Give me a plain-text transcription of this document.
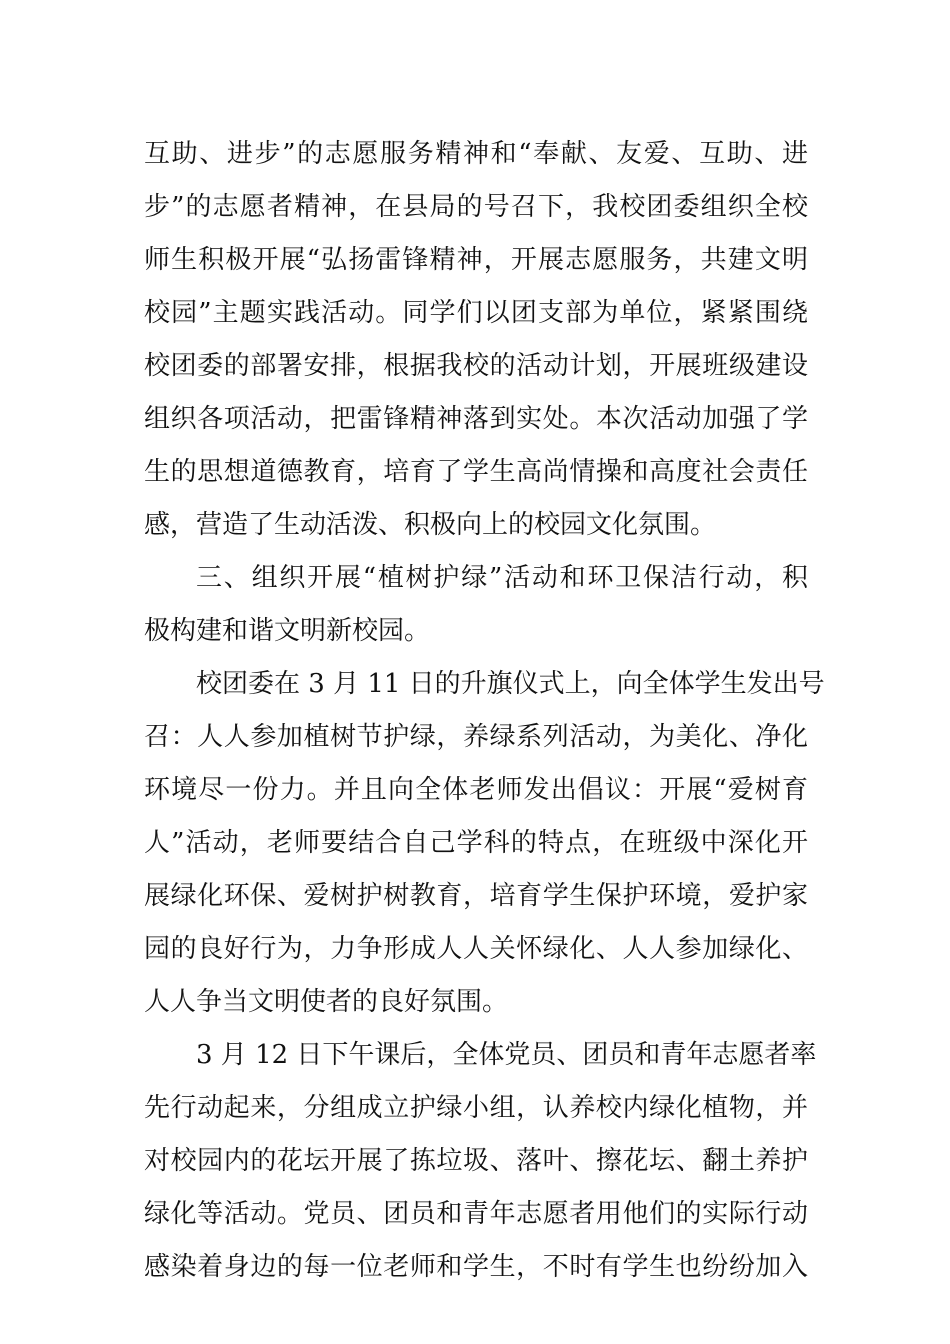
互助、进步”的志愿服务精神和“奉献、友爱、互助、进
步”的志愿者精神，在县局的号召下，我校团委组织全校
师生积极开展“弘扬雷锋精神，开展志愿服务，共建文明
校园”主题实践活动。同学们以团支部为单位，紧紧围绕
校团委的部署安排，根据我校的活动计划，开展班级建设
组织各项活动，把雷锋精神落到实处。本次活动加强了学
生的思想道德教育，培育了学生高尚情操和高度社会责任
感，营造了生动活泼、积极向上的校园文化氛围。

三、组织开展“植树护绿”活动和环卫保洁行动，积
极构建和谐文明新校园。

校团委在 3 月 11 日的升旗仪式上，向全体学生发出号
召：人人参加植树节护绿，养绿系列活动，为美化、净化
环境尽一份力。并且向全体老师发出倡议：开展“爱树育
人”活动，老师要结合自己学科的特点，在班级中深化开
展绿化环保、爱树护树教育，培育学生保护环境，爱护家
园的良好行为，力争形成人人关怀绿化、人人参加绿化、
人人争当文明使者的良好氛围。

3 月 12 日下午课后，全体党员、团员和青年志愿者率
先行动起来，分组成立护绿小组，认养校内绿化植物，并
对校园内的花坛开展了拣垃圾、落叶、擦花坛、翻土养护
绿化等活动。党员、团员和青年志愿者用他们的实际行动
感染着身边的每一位老师和学生，不时有学生也纷纷加入
